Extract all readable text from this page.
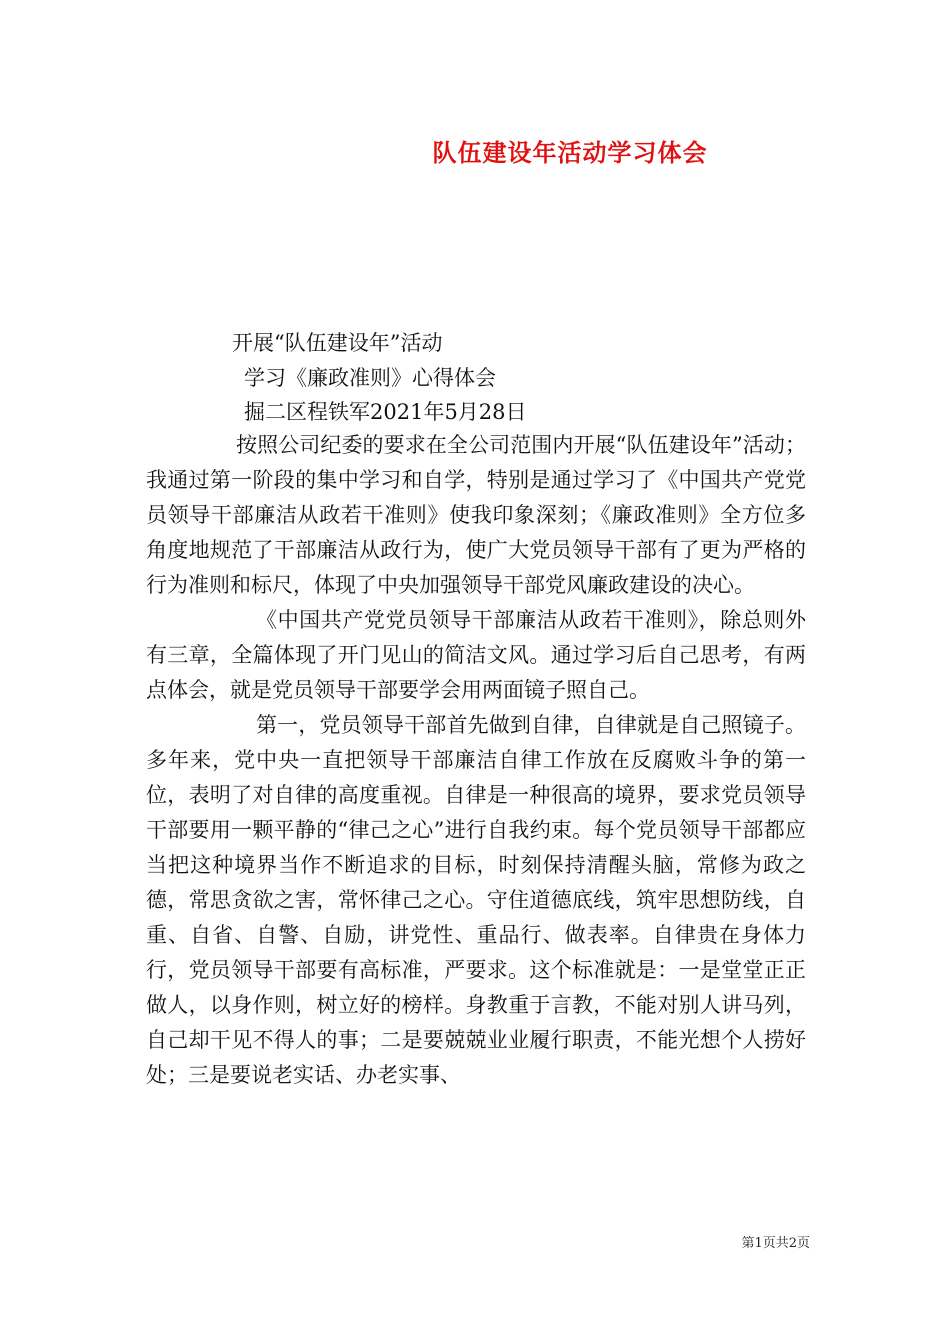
队伍建设年活动学习体会
开展“队伍建设年”活动
学习《廉政准则》心得体会
掘二区程铁军2021年5月28日

按照公司纪委的要求在全公司范围内开展“队伍建设年”活动；我通过第一阶段的集中学习和自学，特别是通过学习了《中国共产党党员领导干部廉洁从政若干准则》使我印象深刻；《廉政准则》全方位多角度地规范了干部廉洁从政行为，使广大党员领导干部有了更为严格的行为准则和标尺，体现了中央加强领导干部党风廉政建设的决心。

《中国共产党党员领导干部廉洁从政若干准则》，除总则外有三章，全篇体现了开门见山的简洁文风。通过学习后自己思考，有两点体会，就是党员领导干部要学会用两面镜子照自己。

第一，党员领导干部首先做到自律，自律就是自己照镜子。多年来，党中央一直把领导干部廉洁自律工作放在反腐败斗争的第一位，表明了对自律的高度重视。自律是一种很高的境界，要求党员领导干部要用一颗平静的“律己之心”进行自我约束。每个党员领导干部都应当把这种境界当作不断追求的目标，时刻保持清醒头脑，常修为政之德，常思贪欲之害，常怀律己之心。守住道德底线，筑牢思想防线，自重、自省、自警、自励，讲党性、重品行、做表率。自律贵在身体力行，党员领导干部要有高标准，严要求。这个标准就是：一是堂堂正正做人，以身作则，树立好的榜样。身教重于言教，不能对别人讲马列，自己却干见不得人的事；二是要兢兢业业履行职责，不能光想个人捞好处；三是要说老实话、办老实事、

第1页共2页
